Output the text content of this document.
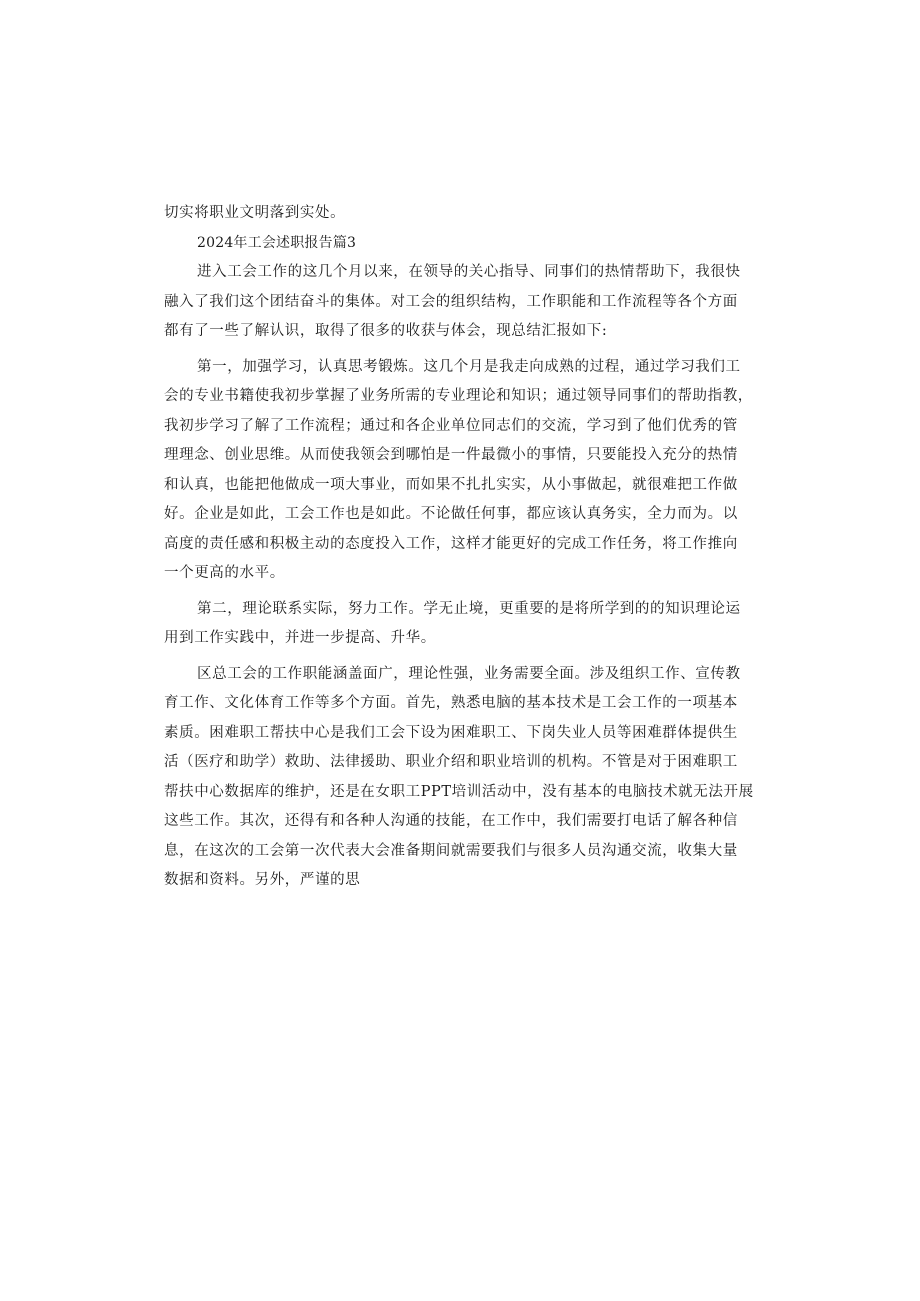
切实将职业文明落到实处。

2024年工会述职报告篇3

进入工会工作的这几个月以来，在领导的关心指导、同事们的热情帮助下，我很快
融入了我们这个团结奋斗的集体。对工会的组织结构，工作职能和工作流程等各个方面
都有了一些了解认识，取得了很多的收获与体会，现总结汇报如下:

第一，加强学习，认真思考锻炼。这几个月是我走向成熟的过程，通过学习我们工
会的专业书籍使我初步掌握了业务所需的专业理论和知识；通过领导同事们的帮助指教，
我初步学习了解了工作流程；通过和各企业单位同志们的交流，学习到了他们优秀的管
理理念、创业思维。从而使我领会到哪怕是一件最微小的事情，只要能投入充分的热情
和认真，也能把他做成一项大事业，而如果不扎扎实实，从小事做起，就很难把工作做
好。企业是如此，工会工作也是如此。不论做任何事，都应该认真务实，全力而为。以
高度的责任感和积极主动的态度投入工作，这样才能更好的完成工作任务，将工作推向
一个更高的水平。

第二，理论联系实际，努力工作。学无止境，更重要的是将所学到的的知识理论运
用到工作实践中，并进一步提高、升华。

区总工会的工作职能涵盖面广，理论性强，业务需要全面。涉及组织工作、宣传教
育工作、文化体育工作等多个方面。首先，熟悉电脑的基本技术是工会工作的一项基本
素质。困难职工帮扶中心是我们工会下设为困难职工、下岗失业人员等困难群体提供生
活（医疗和助学）救助、法律援助、职业介绍和职业培训的机构。不管是对于困难职工
帮扶中心数据库的维护，还是在女职工PPT培训活动中，没有基本的电脑技术就无法开展
这些工作。其次，还得有和各种人沟通的技能，在工作中，我们需要打电话了解各种信
息，在这次的工会第一次代表大会准备期间就需要我们与很多人员沟通交流，收集大量
数据和资料。另外，严谨的思
